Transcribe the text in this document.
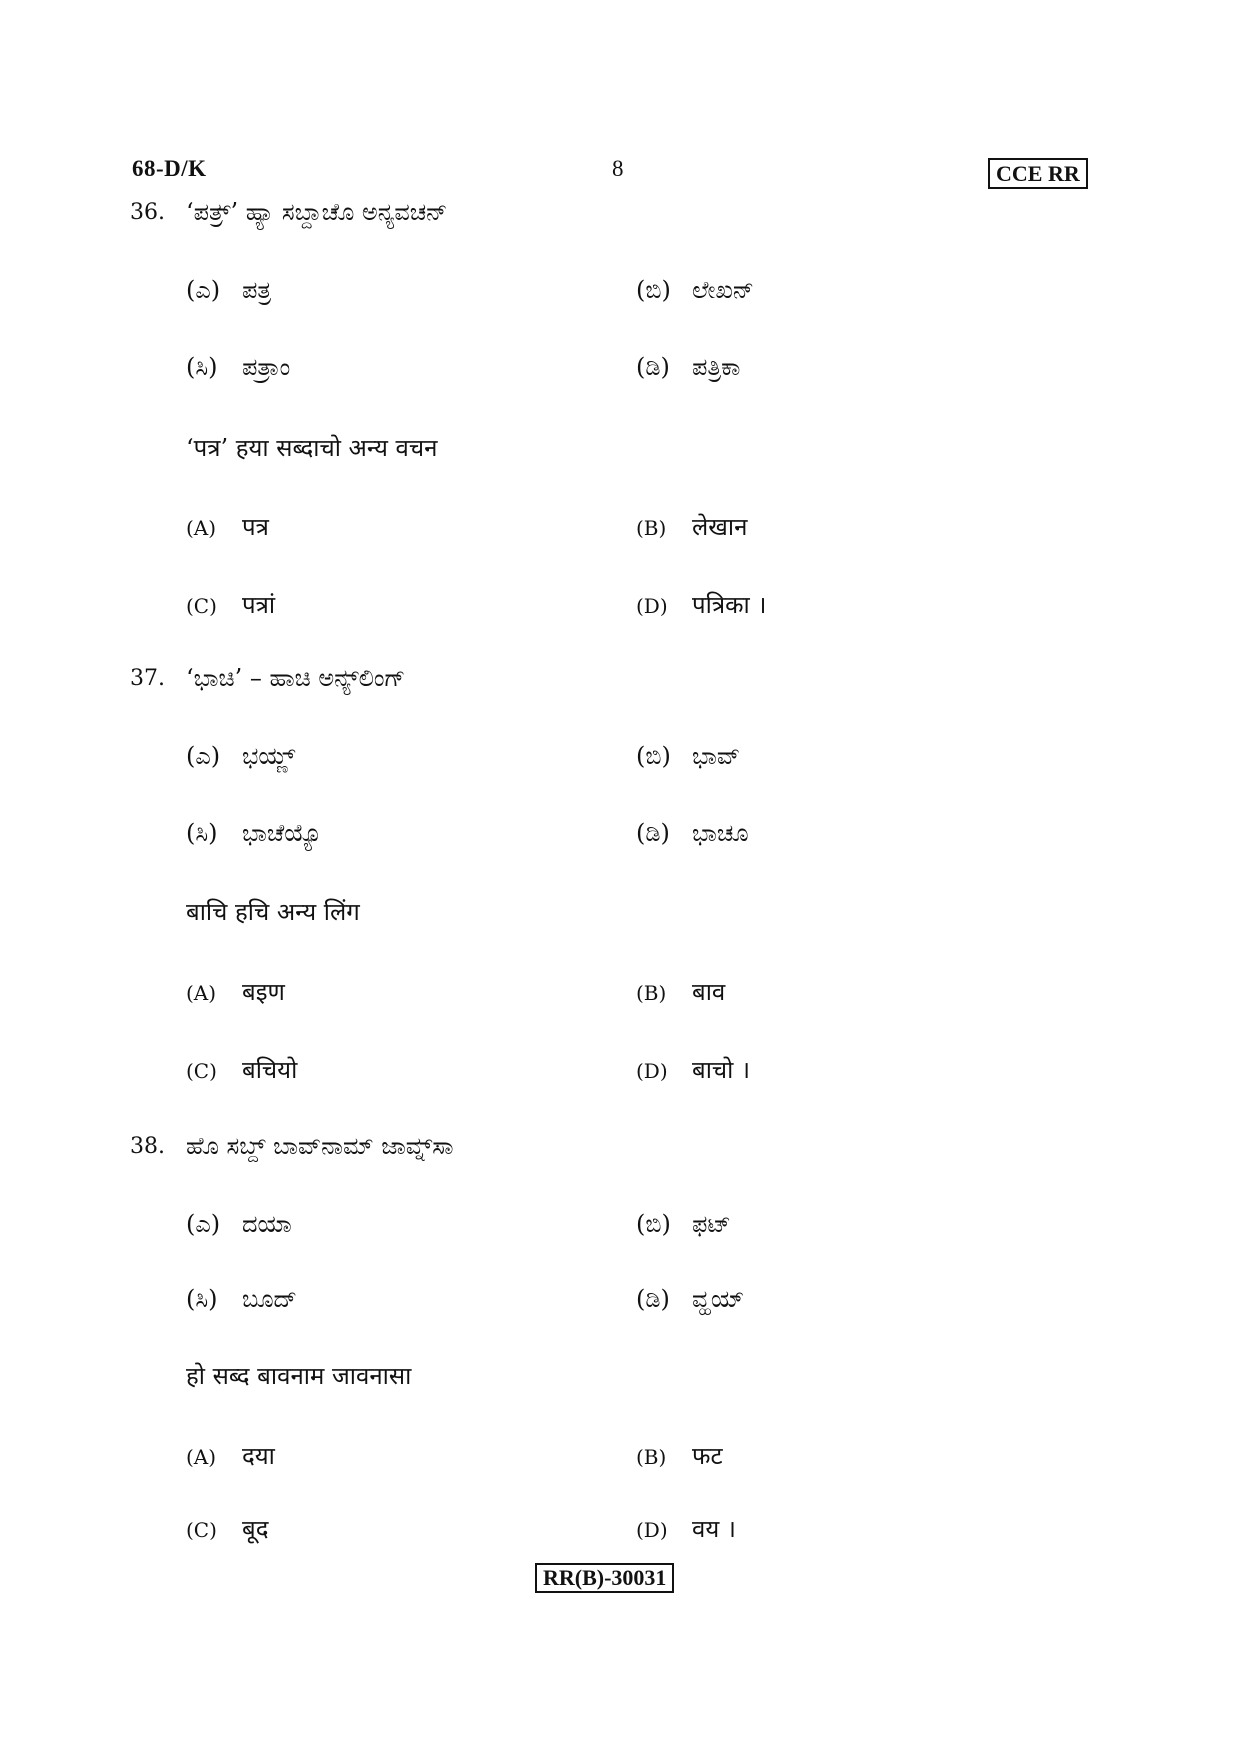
68-D/K	8	CCE RR
36. ‘ಪತ್ರ್’ ಹ್ಯಾ ಸಬ್ದಾಚೊ ಅನ್ಯವಚನ್
(ಎ) ಪತ್ರ	(ಬಿ) ಲೇಖನ್
(ಸಿ) ಪತ್ರಾಂ	(ಡಿ) ಪತ್ರಿಕಾ
‘पत्र’ हया सब्दाचो अन्य वचन
(A) पत्र	(B) लेखान
(C) पत्रां	(D) पत्रिका ।
37. ‘ಭಾಚಿ’ – ಹಾಚಿ ಅನ್ಯ್‌ಲಿಂಗ್
(ಎ) ಭಯ್ಣ್	(ಬಿ) ಭಾವ್
(ಸಿ) ಭಾಚೆಯ್ಯೊ	(ಡಿ) ಭಾಚೂ
बाचि हचि अन्य लिंग
(A) बइण	(B) बाव
(C) बचियो	(D) बाचो ।
38. ಹೊ ಸಬ್ದ್ ಬಾವ್‌ನಾಮ್ ಜಾವ್ನ್‌ಸಾ
(ಎ) ದಯಾ	(ಬಿ) ಫಟ್
(ಸಿ) ಬೂದ್	(ಡಿ) ವ್ಹಯ್
हो सब्द बावनाम जावनासा
(A) दया	(B) फट
(C) बूद	(D) वय ।
RR(B)-30031
